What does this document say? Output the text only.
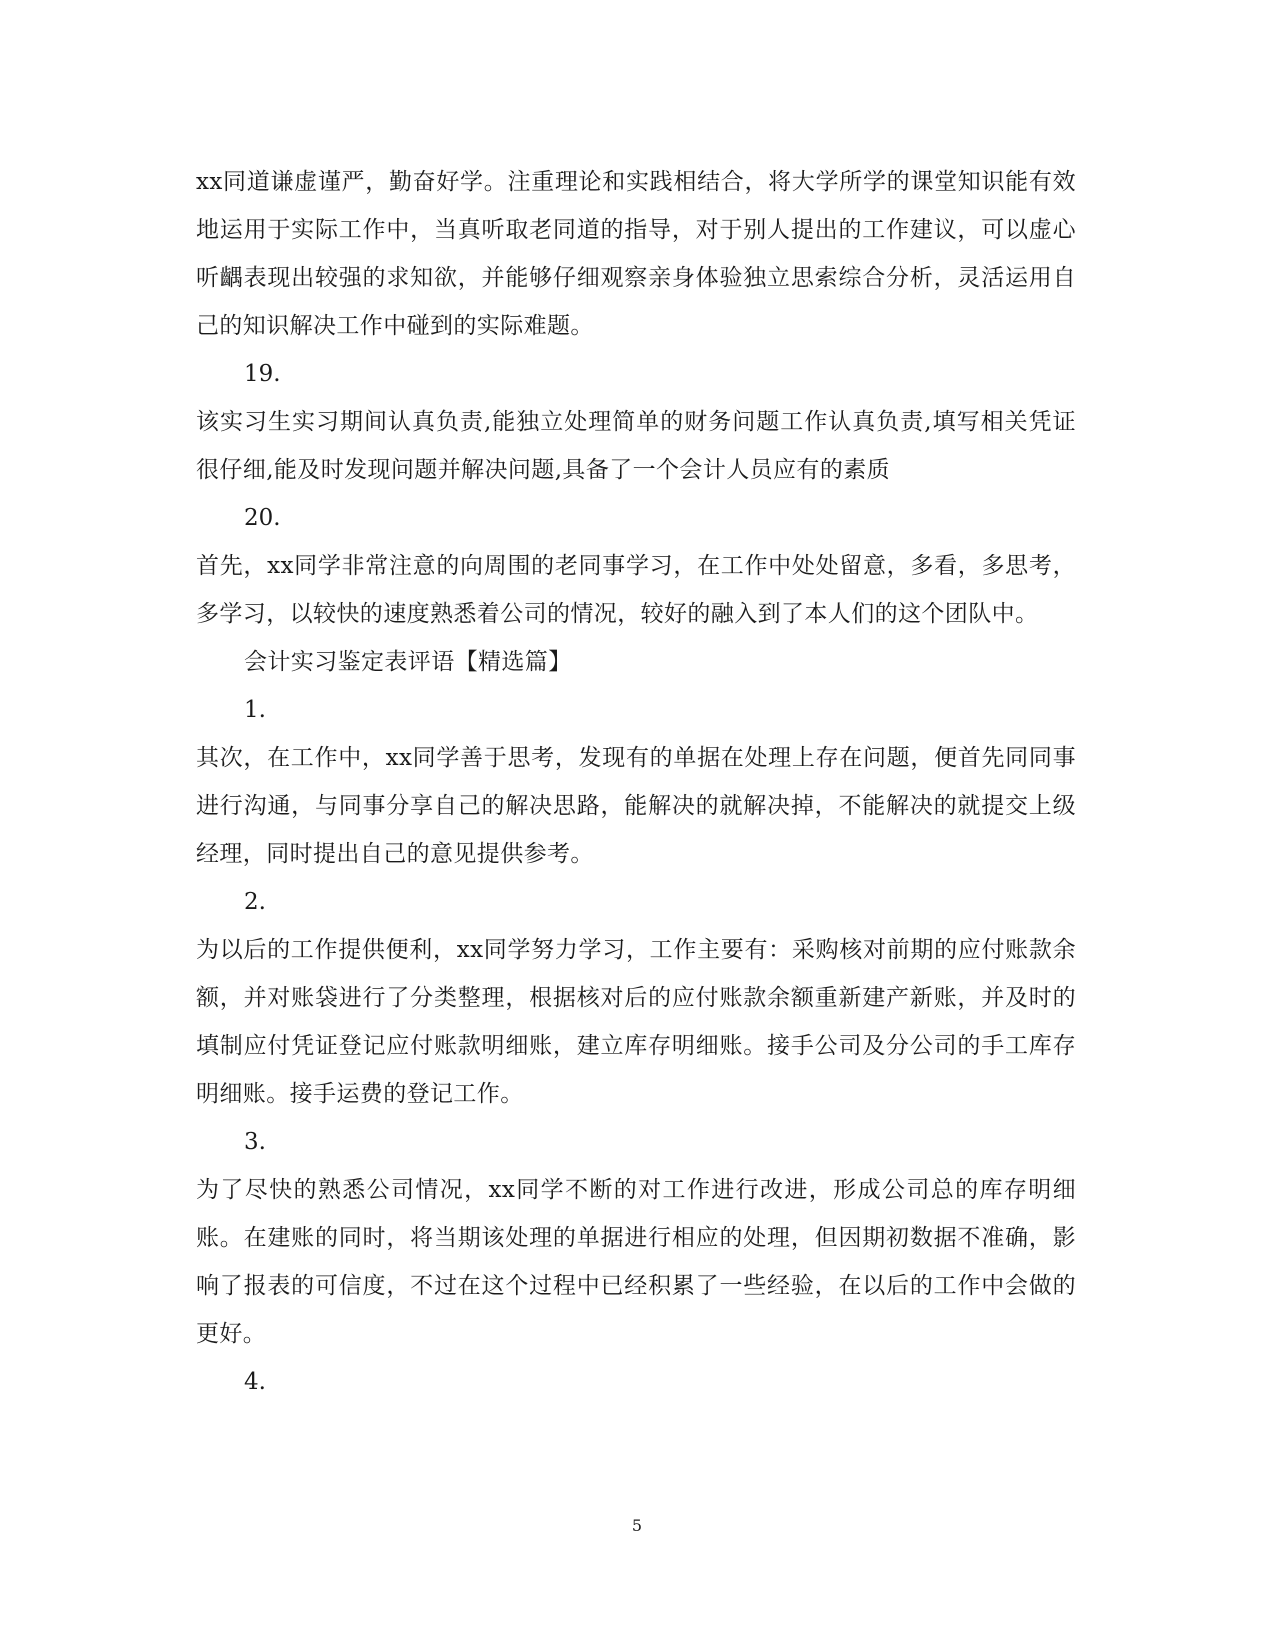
xx同道谦虚谨严，勤奋好学。注重理论和实践相结合，将大学所学的课堂知识能有效地运用于实际工作中，当真听取老同道的指导，对于别人提出的工作建议，可以虚心听齵表现出较强的求知欲，并能够仔细观察亲身体验独立思索综合分析，灵活运用自己的知识解决工作中碰到的实际难题。

19.

该实习生实习期间认真负责,能独立处理简单的财务问题工作认真负责,填写相关凭证很仔细,能及时发现问题并解决问题,具备了一个会计人员应有的素质

20.

首先，xx同学非常注意的向周围的老同事学习，在工作中处处留意，多看，多思考，多学习，以较快的速度熟悉着公司的情况，较好的融入到了本人们的这个团队中。

会计实习鉴定表评语【精选篇】

1.

其次，在工作中，xx同学善于思考，发现有的单据在处理上存在问题，便首先同同事进行沟通，与同事分享自己的解决思路，能解决的就解决掉，不能解决的就提交上级经理，同时提出自己的意见提供参考。

2.

为以后的工作提供便利，xx同学努力学习，工作主要有：采购核对前期的应付账款余额，并对账袋进行了分类整理，根据核对后的应付账款余额重新建产新账，并及时的填制应付凭证登记应付账款明细账，建立库存明细账。接手公司及分公司的手工库存明细账。接手运费的登记工作。

3.

为了尽快的熟悉公司情况，xx同学不断的对工作进行改进，形成公司总的库存明细账。在建账的同时，将当期该处理的单据进行相应的处理，但因期初数据不准确，影响了报表的可信度，不过在这个过程中已经积累了一些经验，在以后的工作中会做的更好。

4.

5
